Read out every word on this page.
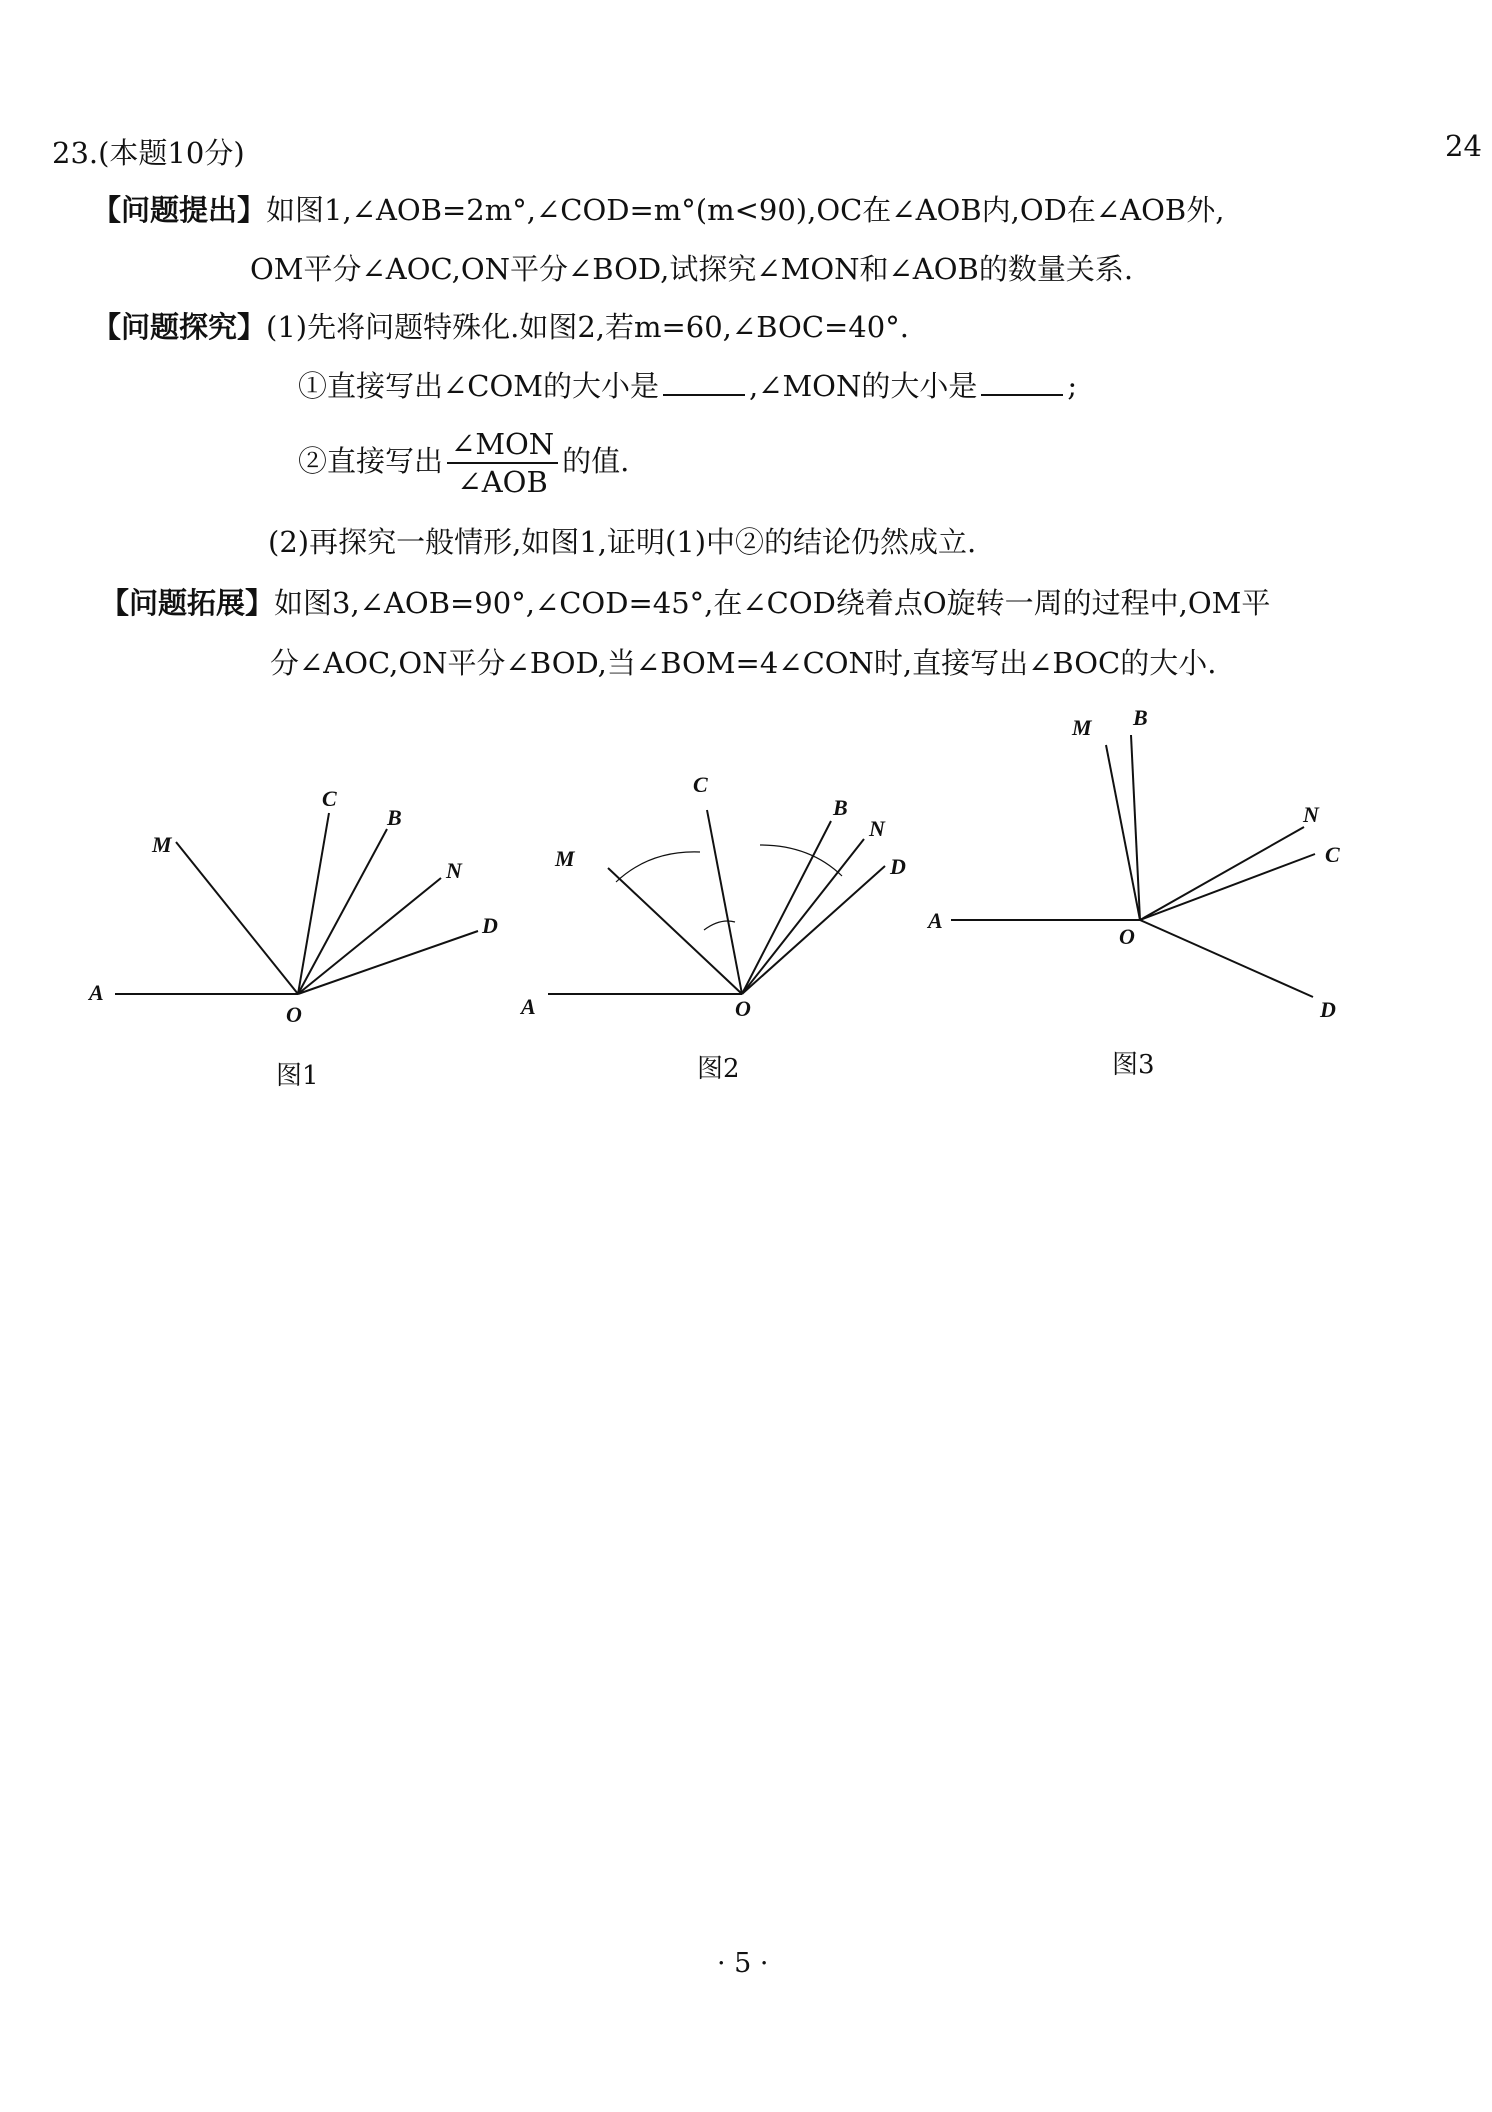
23.(本题10分)	24
【问题提出】如图1,∠AOB=2m°,∠COD=m°(m<90),OC在∠AOB内,OD在∠AOB外,
OM平分∠AOC,ON平分∠BOD,试探究∠MON和∠AOB的数量关系.
【问题探究】(1)先将问题特殊化.如图2,若m=60,∠BOC=40°.
①直接写出∠COM的大小是	,∠MON的大小是	;
②直接写出 $\frac{\text{∠MON}}{\text{∠AOB}}$ 的值.
(2)再探究一般情形,如图1,证明(1)中②的结论仍然成立.
【问题拓展】如图3,∠AOB=90°,∠COD=45°,在∠COD绕着点O旋转一周的过程中,OM平
分∠AOC,ON平分∠BOD,当∠BOM=4∠CON时,直接写出∠BOC的大小.
A
O
M
C
B
N
D
A	O
M
C
B
N
D
A
O
M B
N
C
D
图1	图2	图3
· 5 ·
